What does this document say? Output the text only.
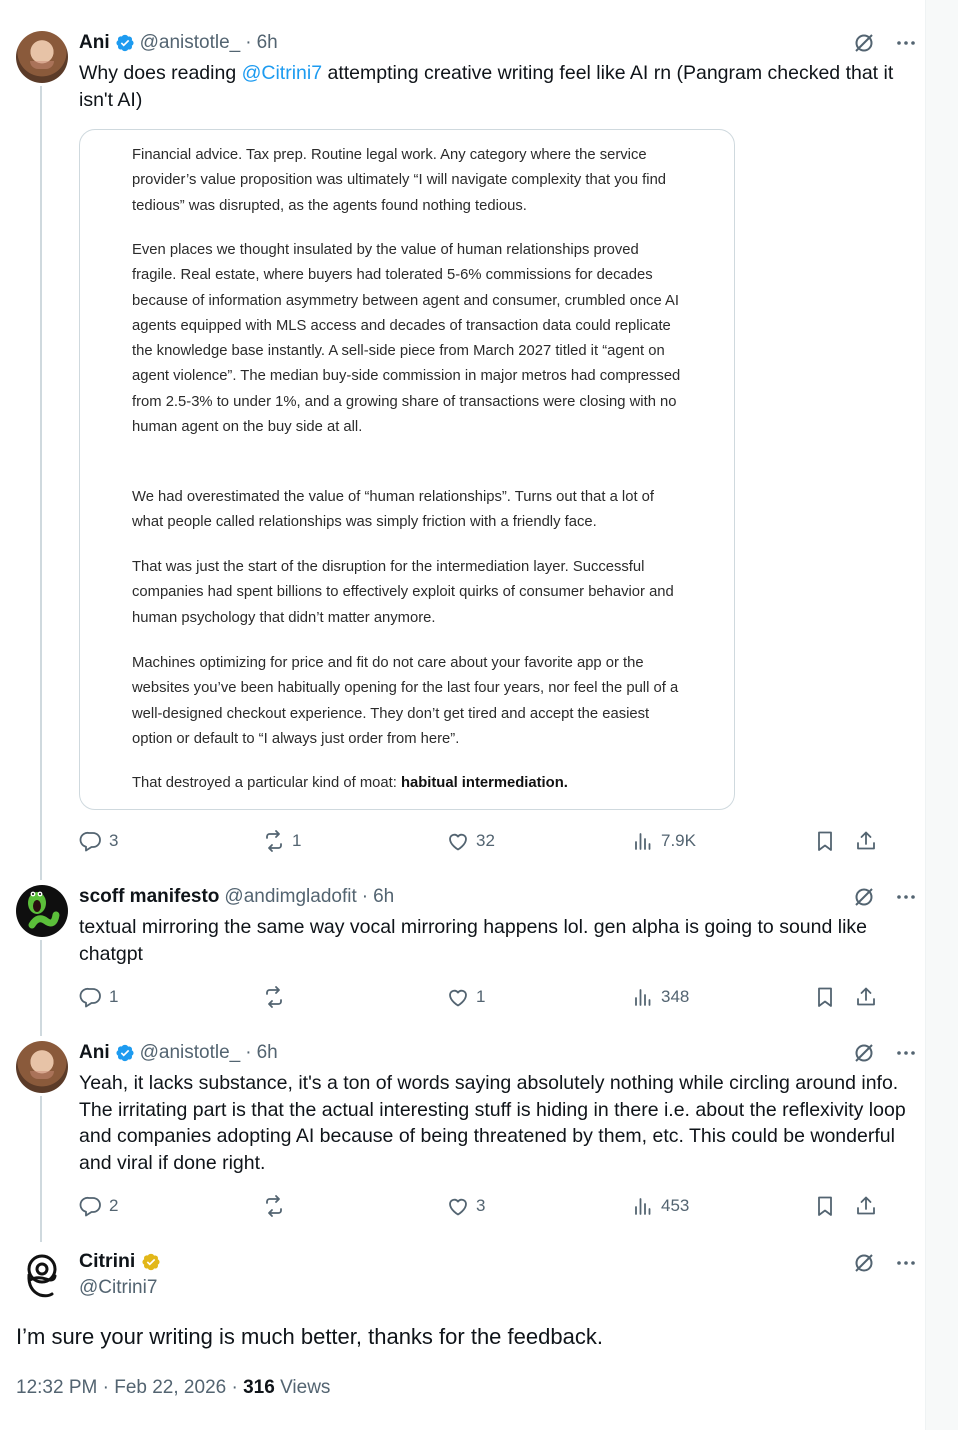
Ani @anistotle_ · 6h
Why does reading @Citrini7 attempting creative writing feel like AI rn (Pangram checked that it isn't AI)

Financial advice. Tax prep. Routine legal work. Any category where the service provider’s value proposition was ultimately “I will navigate complexity that you find tedious” was disrupted, as the agents found nothing tedious.

Even places we thought insulated by the value of human relationships proved fragile. Real estate, where buyers had tolerated 5-6% commissions for decades because of information asymmetry between agent and consumer, crumbled once AI agents equipped with MLS access and decades of transaction data could replicate the knowledge base instantly. A sell-side piece from March 2027 titled it “agent on agent violence”. The median buy-side commission in major metros had compressed from 2.5-3% to under 1%, and a growing share of transactions were closing with no human agent on the buy side at all.

We had overestimated the value of “human relationships”. Turns out that a lot of what people called relationships was simply friction with a friendly face.

That was just the start of the disruption for the intermediation layer. Successful companies had spent billions to effectively exploit quirks of consumer behavior and human psychology that didn’t matter anymore.

Machines optimizing for price and fit do not care about your favorite app or the websites you’ve been habitually opening for the last four years, nor feel the pull of a well-designed checkout experience. They don’t get tired and accept the easiest option or default to “I always just order from here”.

That destroyed a particular kind of moat: habitual intermediation.

3	1	32	7.9K
scoff manifesto @andimgladofit · 6h
textual mirroring the same way vocal mirroring happens lol. gen alpha is going to sound like chatgpt
1	1	348
Ani @anistotle_ · 6h
Yeah, it lacks substance, it's a ton of words saying absolutely nothing while circling around info. The irritating part is that the actual interesting stuff is hiding in there i.e. about the reflexivity loop and companies adopting AI because of being threatened by them, etc. This could be wonderful and viral if done right.
2	3	453
Citrini
@Citrini7
I’m sure your writing is much better, thanks for the feedback.
12:32 PM · Feb 22, 2026 · 316 Views
